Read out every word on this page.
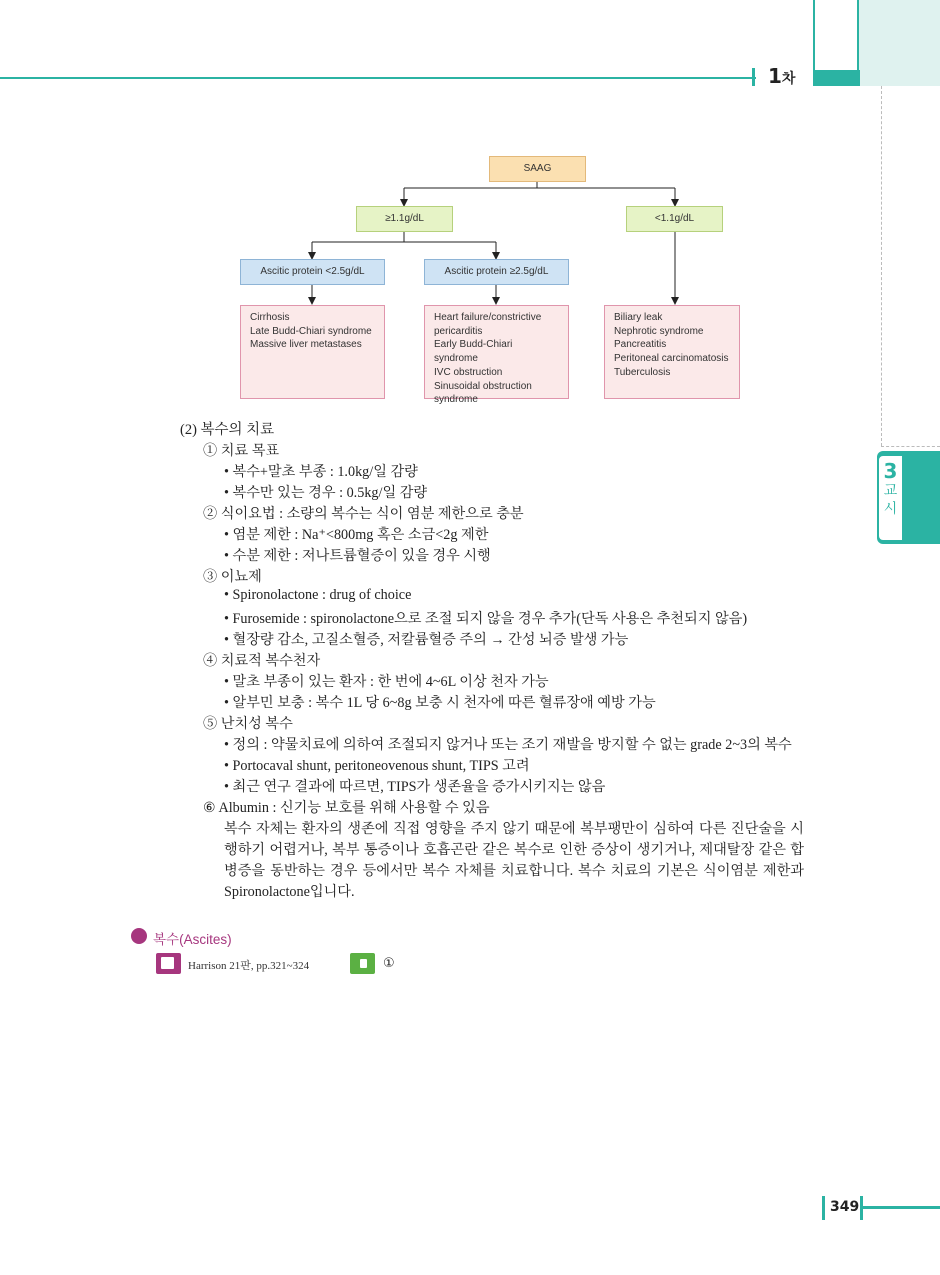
1차
3
교
시
SAAG
≥1.1g/dL	<1.1g/dL
Ascitic protein <2.5g/dL	Ascitic protein ≥2.5g/dL
Cirrhosis
Late Budd-Chiari syndrome
Massive liver metastases
Heart failure/constrictive
pericarditis
Early Budd-Chiari syndrome
IVC obstruction
Sinusoidal obstruction
syndrome
Biliary leak
Nephrotic syndrome
Pancreatitis
Peritoneal carcinomatosis
Tuberculosis
(2) 복수의 치료
① 치료 목표
• 복수+말초 부종 : 1.0kg/일 감량
• 복수만 있는 경우 : 0.5kg/일 감량
② 식이요법 : 소량의 복수는 식이 염분 제한으로 충분
• 염분 제한 : Na⁺<800mg 혹은 소금<2g 제한
• 수분 제한 : 저나트륨혈증이 있을 경우 시행
③ 이뇨제
• Spironolactone : drug of choice
• Furosemide : spironolactone으로 조절 되지 않을 경우 추가(단독 사용은 추천되지 않음)
• 혈장량 감소, 고질소혈증, 저칼륨혈증 주의 → 간성 뇌증 발생 가능
④ 치료적 복수천자
• 말초 부종이 있는 환자 : 한 번에 4~6L 이상 천자 가능
• 알부민 보충 : 복수 1L 당 6~8g 보충 시 천자에 따른 혈류장애 예방 가능
⑤ 난치성 복수
• 정의 : 약물치료에 의하여 조절되지 않거나 또는 조기 재발을 방지할 수 없는 grade 2~3의 복수
• Portocaval shunt, peritoneovenous shunt, TIPS 고려
• 최근 연구 결과에 따르면, TIPS가 생존율을 증가시키지는 않음
⑥ Albumin : 신기능 보호를 위해 사용할 수 있음
복수 자체는 환자의 생존에 직접 영향을 주지 않기 때문에 복부팽만이 심하여 다른 진단술을 시행하기 어렵거나, 복부 통증이나 호흡곤란 같은 복수로 인한 증상이 생기거나, 제대탈장 같은 합병증을 동반하는 경우 등에서만 복수 자체를 치료합니다. 복수 치료의 기본은 식이염분 제한과 Spironolactone입니다.
복수(Ascites)
Harrison 21판, pp.321~324	①
349
